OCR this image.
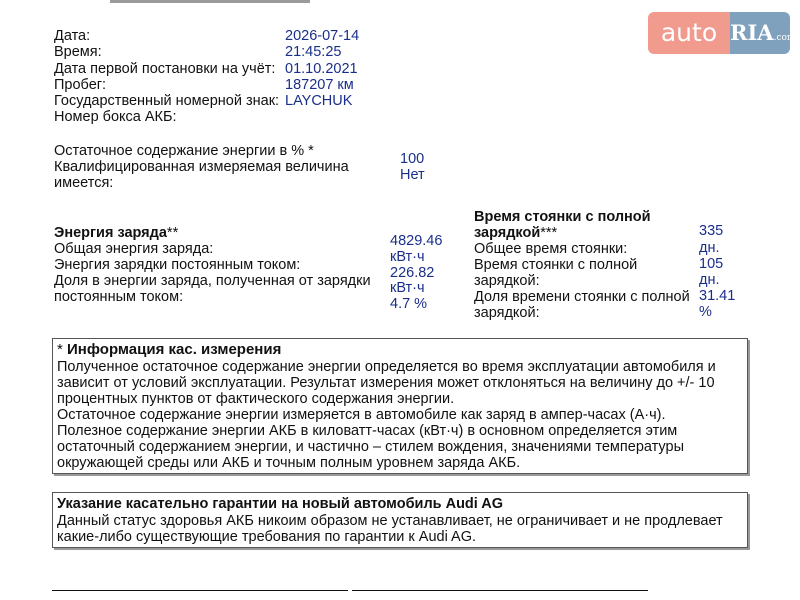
auto RIA.com
Дата:	2026-07-14
Время:	21:45:25
Дата первой постановки на учёт: 01.10.2021
Пробег:	187207 км
Государственный номерной знак: LAYCHUK
Номер бокса АКБ:
Остаточное содержание энергии в % *	100
Квалифицированная измеряемая величина
имеется:	Нет
Энергия заряда**
Общая энергия заряда:	4829.46
кВт·ч
Энергия зарядки постоянным током:	226.82
кВт·ч
Доля в энергии заряда, полученная от зарядки
постоянным током:	4.7 %
Время стоянки с полной
зарядкой***
Общее время стоянки:
335
дн.
Время стоянки с полной
зарядкой:
105
дн.
Доля времени стоянки с полной
зарядкой:
31.41
%
* Информация кас. измерения
Полученное остаточное содержание энергии определяется во время эксплуатации автомобиля и
зависит от условий эксплуатации. Результат измерения может отклоняться на величину до +/- 10
процентных пунктов от фактического содержания энергии.
Остаточное содержание энергии измеряется в автомобиле как заряд в ампер-часах (А·ч).
Полезное содержание энергии АКБ в киловатт-часах (кВт·ч) в основном определяется этим
остаточный содержанием энергии, и частично – стилем вождения, значениями температуры
окружающей среды или АКБ и точным полным уровнем заряда АКБ.
Указание касательно гарантии на новый автомобиль Audi AG
Данный статус здоровья АКБ никоим образом не устанавливает, не ограничивает и не продлевает
какие-либо существующие требования по гарантии к Audi AG.
